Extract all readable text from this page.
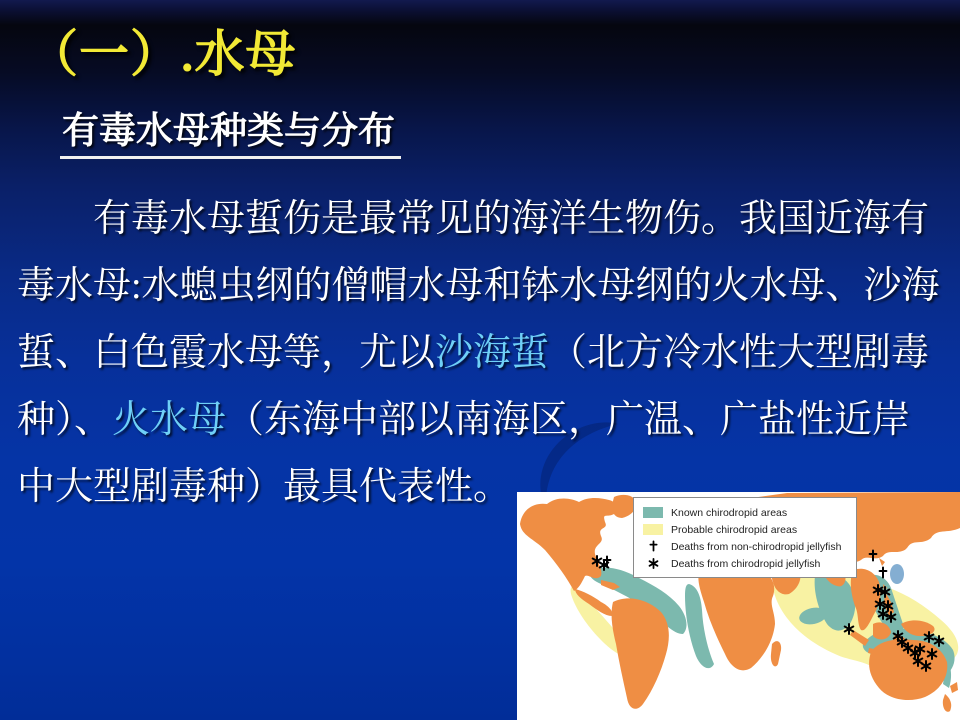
（一）.水母
有毒水母种类与分布
　　有毒水母蜇伤是最常见的海洋生物伤。我国近海有
毒水母:水螅虫纲的僧帽水母和钵水母纲的火水母、沙海
蜇、白色霞水母等，尤以沙海蜇（北方冷水性大型剧毒
种）、火水母（东海中部以南海区，广温、广盐性近岸
中大型剧毒种）最具代表性。
Known chirodropid areas
Probable chirodropid areas
Deaths from non-chirodropid jellyfish
Deaths from chirodropid jellyfish
